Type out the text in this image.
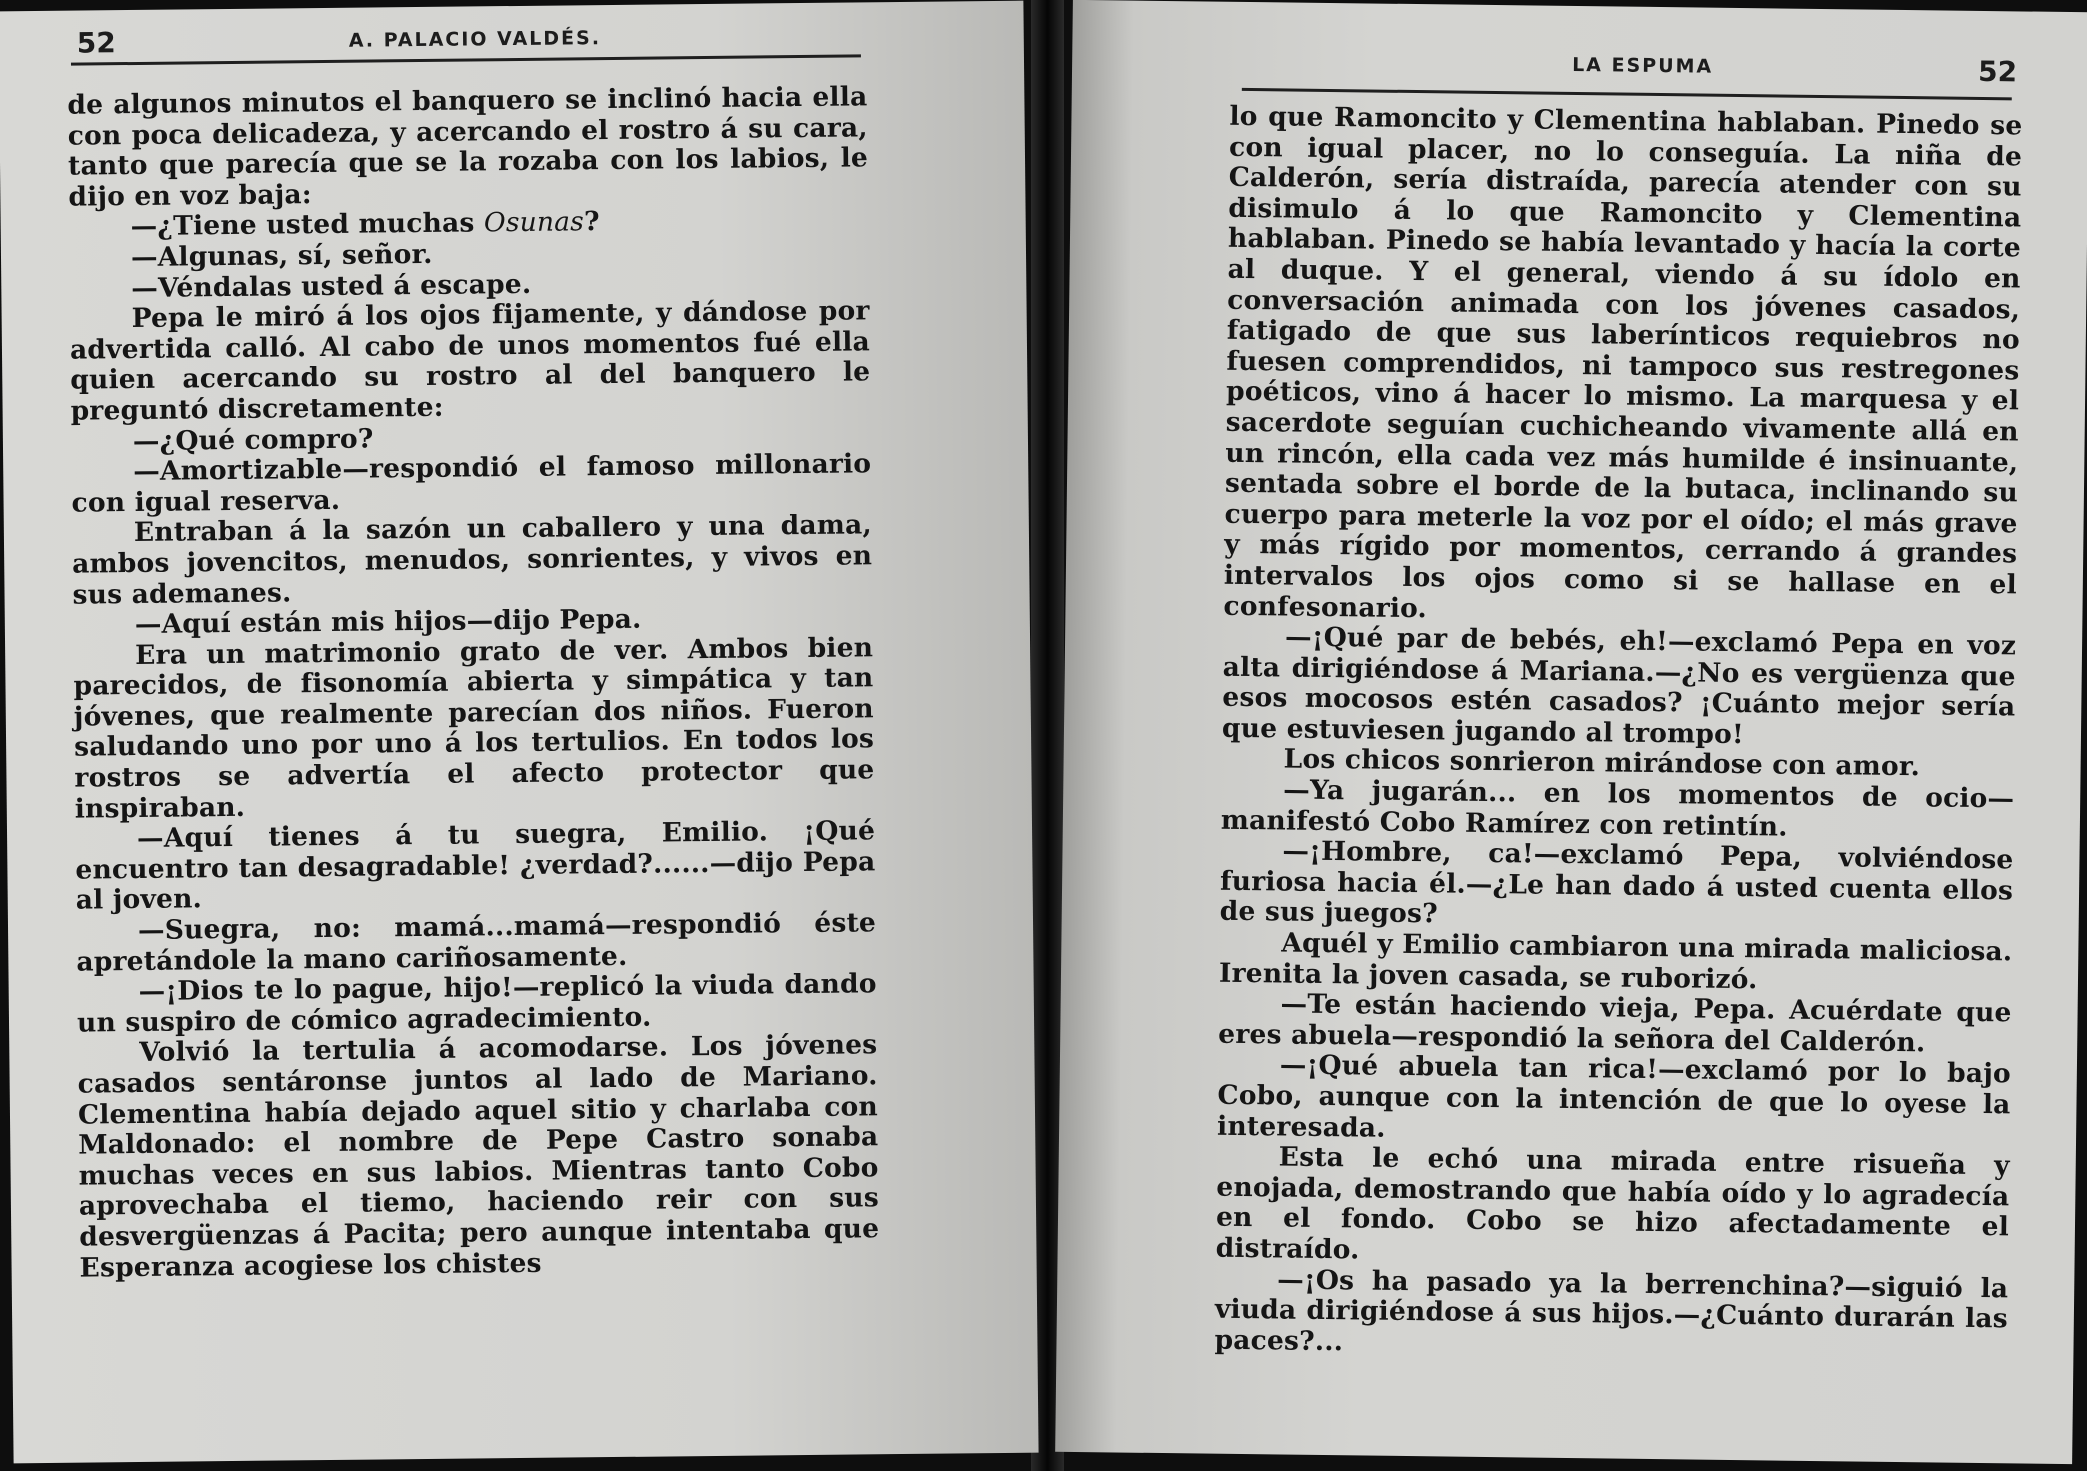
52	A. PALACIO VALDÉS.

de algunos minutos el banquero se inclinó hacia ella con poca delicadeza, y acercando el rostro á su cara, tanto que parecía que se la rozaba con los labios, le dijo en voz baja:

—¿Tiene usted muchas Osunas?

—Algunas, sí, señor.

—Véndalas usted á escape.

Pepa le miró á los ojos fijamente, y dándose por advertida calló. Al cabo de unos momentos fué ella quien acercando su rostro al del banquero le preguntó discretamente:

—¿Qué compro?

—Amortizable—respondió el famoso millonario con igual reserva.

Entraban á la sazón un caballero y una dama, ambos jovencitos, menudos, sonrientes, y vivos en sus ademanes.

—Aquí están mis hijos—dijo Pepa.

Era un matrimonio grato de ver. Ambos bien parecidos, de fisonomía abierta y simpática y tan jóvenes, que realmente parecían dos niños. Fueron saludando uno por uno á los tertulios. En todos los rostros se advertía el afecto protector que inspiraban.

—Aquí tienes á tu suegra, Emilio. ¡Qué encuentro tan desagradable! ¿verdad?......—dijo Pepa al joven.

—Suegra, no: mamá...mamá—respondió éste apretándole la mano cariñosamente.

—¡Dios te lo pague, hijo!—replicó la viuda dando un suspiro de cómico agradecimiento.

Volvió la tertulia á acomodarse. Los jóvenes casados sentáronse juntos al lado de Mariano. Clementina había dejado aquel sitio y charlaba con Maldonado: el nombre de Pepe Castro sonaba muchas veces en sus labios. Mientras tanto Cobo aprovechaba el tiemo, haciendo reir con sus desvergüenzas á Pacita; pero aunque intentaba que Esperanza acogiese los chistes

LA ESPUMA	52

lo que Ramoncito y Clementina hablaban. Pinedo se con igual placer, no lo conseguía. La niña de Calderón, sería distraída, parecía atender con su disimulo á lo que Ramoncito y Clementina hablaban. Pinedo se había levantado y hacía la corte al duque. Y el general, viendo á su ídolo en conversación animada con los jóvenes casados, fatigado de que sus laberínticos requiebros no fuesen comprendidos, ni tampoco sus restregones poéticos, vino á hacer lo mismo. La marquesa y el sacerdote seguían cuchicheando vivamente allá en un rincón, ella cada vez más humilde é insinuante, sentada sobre el borde de la butaca, inclinando su cuerpo para meterle la voz por el oído; el más grave y más rígido por momentos, cerrando á grandes intervalos los ojos como si se hallase en el confesonario.

—¡Qué par de bebés, eh!—exclamó Pepa en voz alta dirigiéndose á Mariana.—¿No es vergüenza que esos mocosos estén casados? ¡Cuánto mejor sería que estuviesen jugando al trompo!

Los chicos sonrieron mirándose con amor.

—Ya jugarán... en los momentos de ocio—manifestó Cobo Ramírez con retintín.

—¡Hombre, ca!—exclamó Pepa, volviéndose furiosa hacia él.—¿Le han dado á usted cuenta ellos de sus juegos?

Aquél y Emilio cambiaron una mirada maliciosa. Irenita la joven casada, se ruborizó.

—Te están haciendo vieja, Pepa. Acuérdate que eres abuela—respondió la señora del Calderón.

—¡Qué abuela tan rica!—exclamó por lo bajo Cobo, aunque con la intención de que lo oyese la interesada.

Esta le echó una mirada entre risueña y enojada, demostrando que había oído y lo agradecía en el fondo. Cobo se hizo afectadamente el distraído.

—¡Os ha pasado ya la berrenchina?—siguió la viuda dirigiéndose á sus hijos.—¿Cuánto durarán las paces?...
